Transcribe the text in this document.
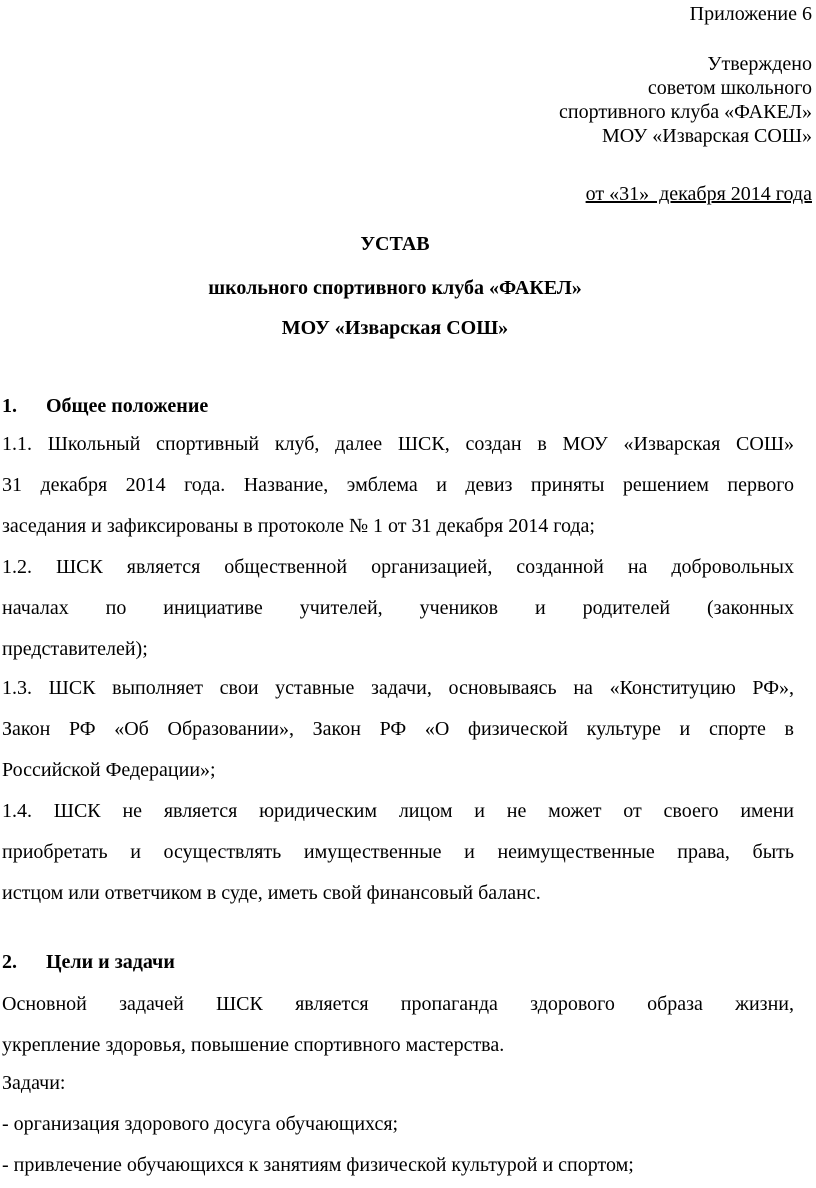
Приложение 6
Утверждено
советом школьного
спортивного клуба «ФАКЕЛ»
МОУ «Изварская СОШ»
от «31»  декабря 2014 года
УСТАВ
школьного спортивного клуба «ФАКЕЛ»
МОУ «Изварская СОШ»
1. Общее положение
1.1. Школьный спортивный клуб, далее ШСК, создан в МОУ «Изварская СОШ»
31 декабря 2014 года. Название, эмблема и девиз приняты решением первого
заседания и зафиксированы в протоколе № 1 от 31 декабря 2014 года;
1.2. ШСК является общественной организацией, созданной на добровольных
началах по инициативе учителей, учеников и родителей (законных
представителей);
1.3. ШСК выполняет свои уставные задачи, основываясь на «Конституцию РФ»,
Закон РФ «Об Образовании», Закон РФ «О физической культуре и спорте в
Российской Федерации»;
1.4. ШСК не является юридическим лицом и не может от своего имени
приобретать и осуществлять имущественные и неимущественные права, быть
истцом или ответчиком в суде, иметь свой финансовый баланс.
2. Цели и задачи
Основной задачей ШСК является пропаганда здорового образа жизни,
укрепление здоровья, повышение спортивного мастерства.
Задачи:
- организация здорового досуга обучающихся;
- привлечение обучающихся к занятиям физической культурой и спортом;
